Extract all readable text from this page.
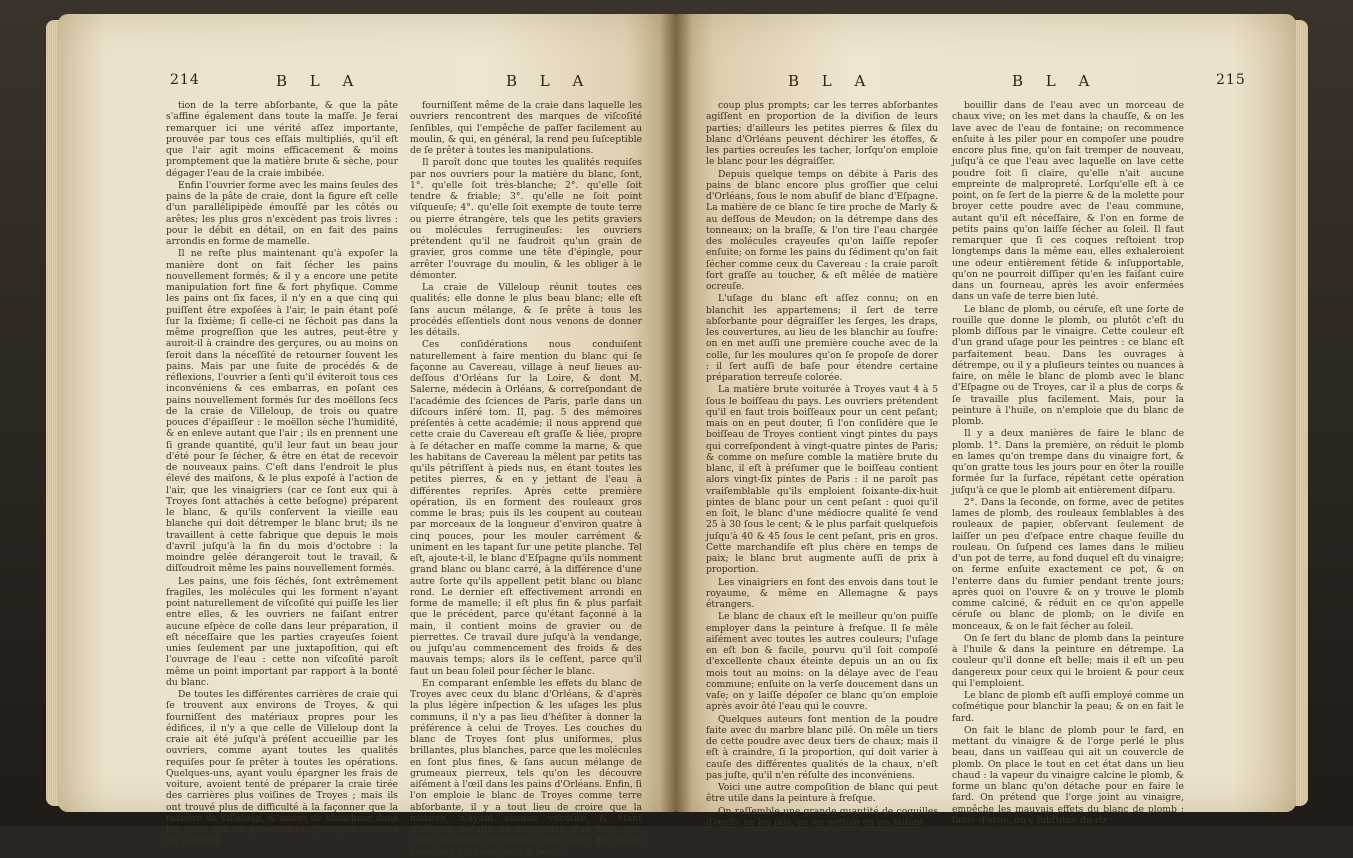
214	B L A	B L A

tion de la terre abſorbante, & que la pâte s'affine également dans toute la maſſe. Je ferai remarquer ici une vérité aſſez importante, prouvée par tous ces eſſais multipliés, qu'il eſt que l'air agit moins efficacement & moins promptement que la matière brute & sèche, pour dégager l'eau de la craie imbibée.

Enfin l'ouvrier forme avec les mains ſeules des pains de la pâte de craie, dont la figure eſt celle d'un parallélipipède émouſſé par les côtés ou arêtes; les plus gros n'excèdent pas trois livres : pour le débit en détail, on en fait des pains arrondis en forme de mamelle.

Il ne reſte plus maintenant qu'à expoſer la manière dont on fait ſécher les pains nouvellement formés; & il y a encore une petite manipulation fort fine & fort phyſique. Comme les pains ont ſix faces, il n'y en a que cinq qui puiſſent être expoſées à l'air, le pain étant poſé ſur la ſixième; ſi celle-ci ne ſéchoit pas dans la même progreſſion que les autres, peut-être y auroit-il à craindre des gerçures, ou au moins on ſeroit dans la néceſſité de retourner ſouvent les pains. Mais par une ſuite de procédés & de réflexions, l'ouvrier a ſenti qu'il éviteroit tous ces inconvéniens & ces embarras, en poſant ces pains nouvellement formés ſur des moëllons ſecs de la craie de Villeloup, de trois ou quatre pouces d'épaiſſeur : le moëllon sèche l'humidité, & en enleve autant que l'air ; ils en prennent une ſi grande quantité, qu'il leur faut un beau jour d'été pour ſe ſécher, & être en état de recevoir de nouveaux pains. C'eſt dans l'endroit le plus élevé des maiſons, & le plus expoſé à l'action de l'air, que les vinaigriers (car ce ſont eux qui à Troyes ſont attachés à cette beſogne) préparent le blanc, & qu'ils conſervent la vieille eau blanche qui doit détremper le blanc brut; ils ne travaillent à cette fabrique que depuis le mois d'avril juſqu'à la fin du mois d'octobre : la moindre gelée dérangeroit tout le travail, & diſſoudroit même les pains nouvellement formés.

Les pains, une fois ſéchés, ſont extrêmement fragiles, les molécules qui les forment n'ayant point naturellement de viſcoſité qui puiſſe les lier entre elles, & les ouvriers ne faiſant entrer aucune eſpèce de colle dans leur préparation, il eſt néceſſaire que les parties crayeuſes ſoient unies ſeulement par une juxtapoſition, qui eſt l'ouvrage de l'eau : cette non viſcoſité paroît même un point important par rapport à la bonté du blanc.

De toutes les différentes carrières de craie qui ſe trouvent aux environs de Troyes, & qui fourniſſent des matériaux propres pour les édifices, il n'y a que celle de Villeloup dont la craie ait été juſqu'à préſent accueillie par les ouvriers, comme ayant toutes les qualités requiſes pour ſe prêter à toutes les opérations. Quelques-uns, ayant voulu épargner les frais de voiture, avoient tenté de préparer la craie tirée des carrières plus voiſines de Troyes ; mais ils ont trouvé plus de difficulté à la façonner que la matière de Villeloup, & moins de blancheur dans les pains qui en provenoient. Quelques cantons de Villeloup

fourniſſent même de la craie dans laquelle les ouvriers rencontrent des marques de viſcoſité ſenſibles, qui l'empêche de paſſer facilement au moulin, & qui, en général, la rend peu ſuſceptible de ſe prêter à toutes les manipulations.

Il paroît donc que toutes les qualités requiſes par nos ouvriers pour la matière du blanc, ſont, 1°. qu'elle ſoit très-blanche; 2°. qu'elle ſoit tendre & friable; 3°. qu'elle ne ſoit point viſqueuſe; 4°. qu'elle ſoit exempte de toute terre ou pierre étrangère, tels que les petits graviers ou molécules ferrugineuſes: les ouvriers prétendent qu'il ne faudroit qu'un grain de gravier, gros comme une tête d'épingle, pour arrêter l'ouvrage du moulin, & les obliger à le démonter.

La craie de Villeloup réunit toutes ces qualités; elle donne le plus beau blanc; elle eſt ſans aucun mélange, & ſe prête à tous les procédés eſſentiels dont nous venons de donner les détails.

Ces conſidérations nous conduiſent naturellement à faire mention du blanc qui ſe façonne au Cavereau, village à neuf lieues au-deſſous d'Orléans ſur la Loire, & dont M. Salerne, médecin à Orléans, & correſpondant de l'académie des ſciences de Paris, parle dans un diſcours inſéré tom. II, pag. 5 des mémoires préſentés à cette académie; il nous apprend que cette craie du Cavereau eſt graſſe & liée, propre à ſe détacher en maſſe comme la marne, & que les habitans de Cavereau la mêlent par petits tas qu'ils pétriſſent à pieds nus, en étant toutes les petites pierres, & en y jettant de l'eau à différentes repriſes. Après cette première opération, ils en forment des rouleaux gros comme le bras; puis ils les coupent au couteau par morceaux de la longueur d'environ quatre à cinq pouces, pour les mouler carrément & uniment en les tapant ſur une petite planche. Tel eſt, ajoute-t-il, le blanc d'Eſpagne qu'ils nomment grand blanc ou blanc carré, à la différence d'une autre ſorte qu'ils appellent petit blanc ou blanc rond. Le dernier eſt effectivement arrondi en forme de mamelle; il eſt plus fin & plus parfait que le précédent, parce qu'étant façonné à la main, il contient moins de gravier ou de pierrettes. Ce travail dure juſqu'à la vendange, ou juſqu'au commencement des froids & des mauvais temps; alors ils le ceſſent, parce qu'il faut un beau ſoleil pour ſécher le blanc.

En comparant enſemble les effets du blanc de Troyes avec ceux du blanc d'Orléans, & d'après la plus légère inſpection & les uſages les plus communs, il n'y a pas lieu d'héſiter à donner la préférence à celui de Troyes. Les couches du blanc de Troyes ſont plus uniformes, plus brillantes, plus blanches, parce que les molécules en ſont plus fines, & ſans aucun mélange de grumeaux pierreux, tels qu'on les découvre aiſément à l'œil dans les pains d'Orléans. Enfin, ſi l'on emploie le blanc de Troyes comme terre abſorbante, il y a tout lieu de croire que la matière, n'ayant aucune viſcoſité, & étant d'ailleurs réduite en molécules plus fines que celles du blanc d'Orléans, doit avoir des effets beaucoup plus complets & beau-

B L A	B L A	215

coup plus prompts; car les terres abſorbantes agiſſent en proportion de la diviſion de leurs parties; d'ailleurs les petites pierres & ſilex du blanc d'Orléans peuvent déchirer les étoffes, & les parties ocreuſes les tacher, lorſqu'on emploie le blanc pour les dégraiſſer.

Depuis quelque temps on débite à Paris des pains de blanc encore plus groſſier que celui d'Orléans, ſous le nom abuſif de blanc d'Eſpagne. La matière de ce blanc ſe tire proche de Marly & au deſſous de Meudon; on la détrempe dans des tonneaux; on la braſſe, & l'on tire l'eau chargée des molécules crayeuſes qu'on laiſſe repoſer enſuite; on forme les pains du ſédiment qu'on fait ſécher comme ceux du Cavereau : la craie paroît fort graſſe au toucher, & eſt mêlée de matière ocreuſe.

L'uſage du blanc eſt aſſez connu; on en blanchit les appartemens; il ſert de terre abſorbante pour dégraiſſer les ſerges, les draps, les couvertures, au lieu de les blanchir au ſoufre: on en met auſſi une première couche avec de la colle, ſur les moulures qu'on ſe propoſe de dorer : il ſert auſſi de baſe pour étendre certaine préparation terreuſe colorée.

La matière brute voiturée à Troyes vaut 4 à 5 ſous le boiſſeau du pays. Les ouvriers prétendent qu'il en faut trois boiſſeaux pour un cent peſant; mais on en peut douter, ſi l'on conſidère que le boiſſeau de Troyes contient vingt pintes du pays qui correſpondent à vingt-quatre pintes de Paris; & comme on meſure comble la matière brute du blanc, il eſt à préſumer que le boiſſeau contient alors vingt-ſix pintes de Paris : il ne paroît pas vraiſemblable qu'ils emploient ſoixante-dix-huit pintes de blanc pour un cent peſant : quoi qu'il en ſoit, le blanc d'une médiocre qualité ſe vend 25 à 30 ſous le cent; & le plus parfait quelquefois juſqu'à 40 & 45 ſous le cent peſant, pris en gros. Cette marchandiſe eſt plus chère en temps de paix; le blanc brut augmente auſſi de prix à proportion.

Les vinaigriers en font des envois dans tout le royaume, & même en Allemagne & pays étrangers.

Le blanc de chaux eſt le meilleur qu'on puiſſe employer dans la peinture à freſque. Il ſe mêle aiſément avec toutes les autres couleurs; l'uſage en eſt bon & facile, pourvu qu'il ſoit compoſé d'excellente chaux éteinte depuis un an ou ſix mois tout au moins: on la délaye avec de l'eau commune; enſuite on la verſe doucement dans un vaſe; on y laiſſe dépoſer ce blanc qu'on emploie après avoir ôté l'eau qui le couvre.

Quelques auteurs font mention de la poudre faite avec du marbre blanc pilé. On mêle un tiers de cette poudre avec deux tiers de chaux; mais il eſt à craindre, ſi la proportion, qui doit varier à cauſe des différentes qualités de la chaux, n'eſt pas juſte, qu'il n'en réſulte des inconvéniens.

Voici une autre compoſition de blanc qui peut être utile dans la peinture à freſque.

On raſſemble une grande quantité de coquilles d'œufs; on les pile, on les nettoie en les faiſant

bouillir dans de l'eau avec un morceau de chaux vive; on les met dans la chauſſe, & on les lave avec de l'eau de fontaine; on recommence enſuite à les piler pour en compoſer une poudre encore plus fine, qu'on fait tremper de nouveau, juſqu'à ce que l'eau avec laquelle on lave cette poudre ſoit ſi claire, qu'elle n'ait aucune empreinte de malpropreté. Lorſqu'elle eſt à ce point, on ſe ſert de la pierre & de la molette pour broyer cette poudre avec de l'eau commune, autant qu'il eſt néceſſaire, & l'on en forme de petits pains qu'on laiſſe ſécher au ſoleil. Il faut remarquer que ſi ces coques reſtoient trop longtemps dans la même eau, elles exhaleroient une odeur entièrement fétide & inſupportable, qu'on ne pourroit diſſiper qu'en les faiſant cuire dans un fourneau, après les avoir enfermées dans un vaſe de terre bien luté.

Le blanc de plomb, ou céruſe, eſt une ſorte de rouille que donne le plomb, ou plutôt c'eſt du plomb diſſous par le vinaigre. Cette couleur eſt d'un grand uſage pour les peintres : ce blanc eſt parfaitement beau. Dans les ouvrages à détrempe, ou il y a pluſieurs teintes ou nuances à faire, on mêle le blanc de plomb avec le blanc d'Eſpagne ou de Troyes, car il a plus de corps & ſe travaille plus facilement. Mais, pour la peinture à l'huile, on n'emploie que du blanc de plomb.

Il y a deux manières de faire le blanc de plomb. 1°. Dans la première, on réduit le plomb en lames qu'on trempe dans du vinaigre fort, & qu'on gratte tous les jours pour en ôter la rouille formée ſur la ſurface, répétant cette opération juſqu'à ce que le plomb ait entièrement diſparu.

2°. Dans la ſeconde, on forme, avec de petites lames de plomb, des rouleaux ſemblables à des rouleaux de papier, obſervant ſeulement de laiſſer un peu d'eſpace entre chaque feuille du rouleau. On ſuſpend ces lames dans le milieu d'un pot de terre, au fond duquel eſt du vinaigre; on ferme enſuite exactement ce pot, & on l'enterre dans du fumier pendant trente jours; après quoi on l'ouvre & on y trouve le plomb comme calciné, & réduit en ce qu'on appelle céruſe ou blanc de plomb; on le diviſe en monceaux, & on le fait ſécher au ſoleil.

On ſe ſert du blanc de plomb dans la peinture à l'huile & dans la peinture en détrempe. La couleur qu'il donne eſt belle; mais il eſt un peu dangereux pour ceux qui le broient & pour ceux qui l'emploient.

Le blanc de plomb eſt auſſi employé comme un coſmétique pour blanchir la peau; & on en fait le fard.

On fait le blanc de plomb pour le fard, en mettant du vinaigre & de l'orge perlé le plus beau, dans un vaiſſeau qui ait un couvercle de plomb. On place le tout en cet état dans un lieu chaud : la vapeur du vinaigre calcine le plomb, & forme un blanc qu'on détache pour en faire le fard. On prétend que l'orge joint au vinaigre, empêche les mauvais effets du blanc de plomb ; ſaute d'orge, on y ſubſtitue du riz ;
